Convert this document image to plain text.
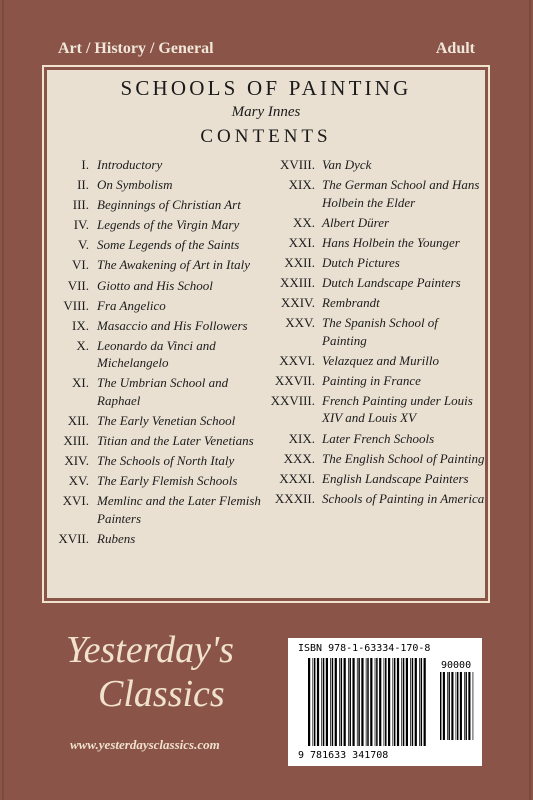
Art / History / General	Adult
SCHOOLS OF PAINTING
Mary Innes
CONTENTS
I. Introductory
II. On Symbolism
III. Beginnings of Christian Art
IV. Legends of the Virgin Mary
V. Some Legends of the Saints
VI. The Awakening of Art in Italy
VII. Giotto and His School
VIII. Fra Angelico
IX. Masaccio and His Followers
X. Leonardo da Vinci and Michelangelo
XI. The Umbrian School and Raphael
XII. The Early Venetian School
XIII. Titian and the Later Venetians
XIV. The Schools of North Italy
XV. The Early Flemish Schools
XVI. Memlinc and the Later Flemish Painters
XVII. Rubens
XVIII. Van Dyck
XIX. The German School and Hans Holbein the Elder
XX. Albert Dürer
XXI. Hans Holbein the Younger
XXII. Dutch Pictures
XXIII. Dutch Landscape Painters
XXIV. Rembrandt
XXV. The Spanish School of Painting
XXVI. Velazquez and Murillo
XXVII. Painting in France
XXVIII. French Painting under Louis XIV and Louis XV
XIX. Later French Schools
XXX. The English School of Painting
XXXI. English Landscape Painters
XXXII. Schools of Painting in America
Yesterday's
Classics
www.yesterdaysclassics.com
ISBN 978-1-63334-170-8
90000
9 781633 341708
